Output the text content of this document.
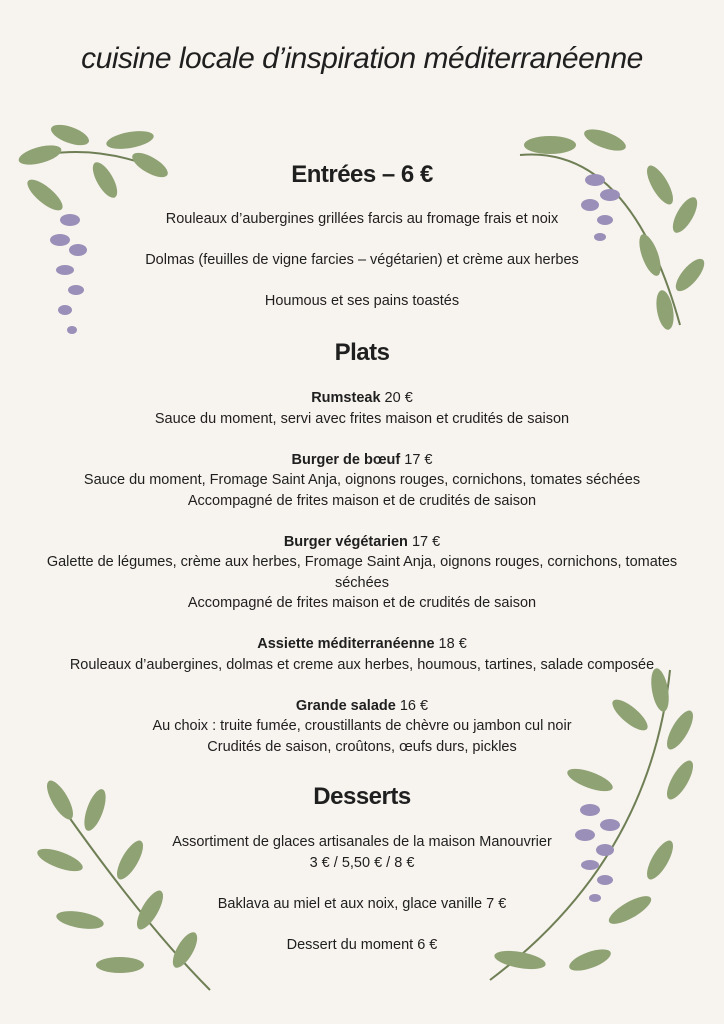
cuisine locale d’inspiration méditerranéenne
Entrées – 6 €

Rouleaux d’aubergines grillées farcis au fromage frais et noix

Dolmas (feuilles de vigne farcies – végétarien) et crème aux herbes

Houmous et ses pains toastés

Plats

Rumsteak 20 €
Sauce du moment, servi avec frites maison et crudités de saison

Burger de bœuf 17 €
Sauce du moment, Fromage Saint Anja, oignons rouges, cornichons, tomates séchées
Accompagné de frites maison et de crudités de saison

Burger végétarien 17 €
Galette de légumes, crème aux herbes, Fromage Saint Anja, oignons rouges, cornichons, tomates séchées
Accompagné de frites maison et de crudités de saison

Assiette méditerranéenne 18 €
Rouleaux d’aubergines, dolmas et creme aux herbes, houmous, tartines, salade composée

Grande salade 16 €
Au choix : truite fumée, croustillants de chèvre ou jambon cul noir
Crudités de saison, croûtons, œufs durs, pickles

Desserts

Assortiment de glaces artisanales de la maison Manouvrier
3 € / 5,50 € / 8 €

Baklava au miel et aux noix, glace vanille 7 €

Dessert du moment 6 €
